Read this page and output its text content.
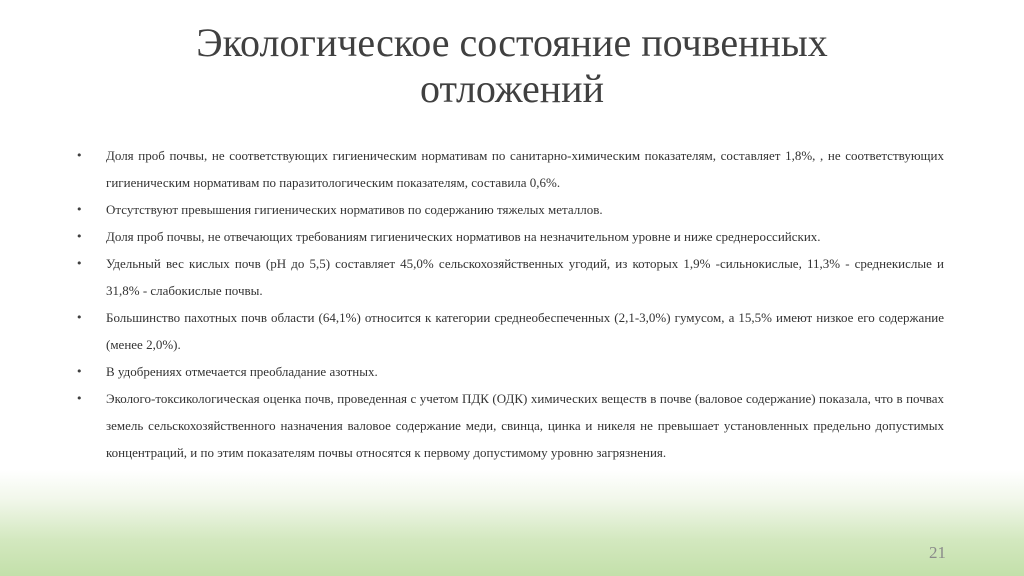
Экологическое состояние почвенных отложений
• Доля проб почвы, не соответствующих гигиеническим нормативам по санитарно-химическим показателям, составляет 1,8%, , не соответствующих гигиеническим нормативам по паразитологическим показателям, составила 0,6%.
• Отсутствуют превышения гигиенических нормативов по содержанию тяжелых металлов.
• Доля проб почвы, не отвечающих требованиям гигиенических нормативов на незначительном уровне и ниже среднероссийских.
• Удельный вес кислых почв (рН до 5,5) составляет 45,0% сельскохозяйственных угодий, из которых 1,9% -сильнокислые, 11,3% - среднекислые и 31,8% - слабокислые почвы.
• Большинство пахотных почв области (64,1%) относится к категории среднеобеспеченных (2,1-3,0%) гумусом, а 15,5% имеют низкое его содержание (менее 2,0%).
• В удобрениях отмечается преобладание азотных.
• Эколого-токсикологическая оценка почв, проведенная с учетом ПДК (ОДК) химических веществ в почве (валовое содержание) показала, что в почвах земель сельскохозяйственного назначения валовое содержание меди, свинца, цинка и никеля не превышает установленных предельно допустимых концентраций, и по этим показателям почвы относятся к первому допустимому уровню загрязнения.
21
